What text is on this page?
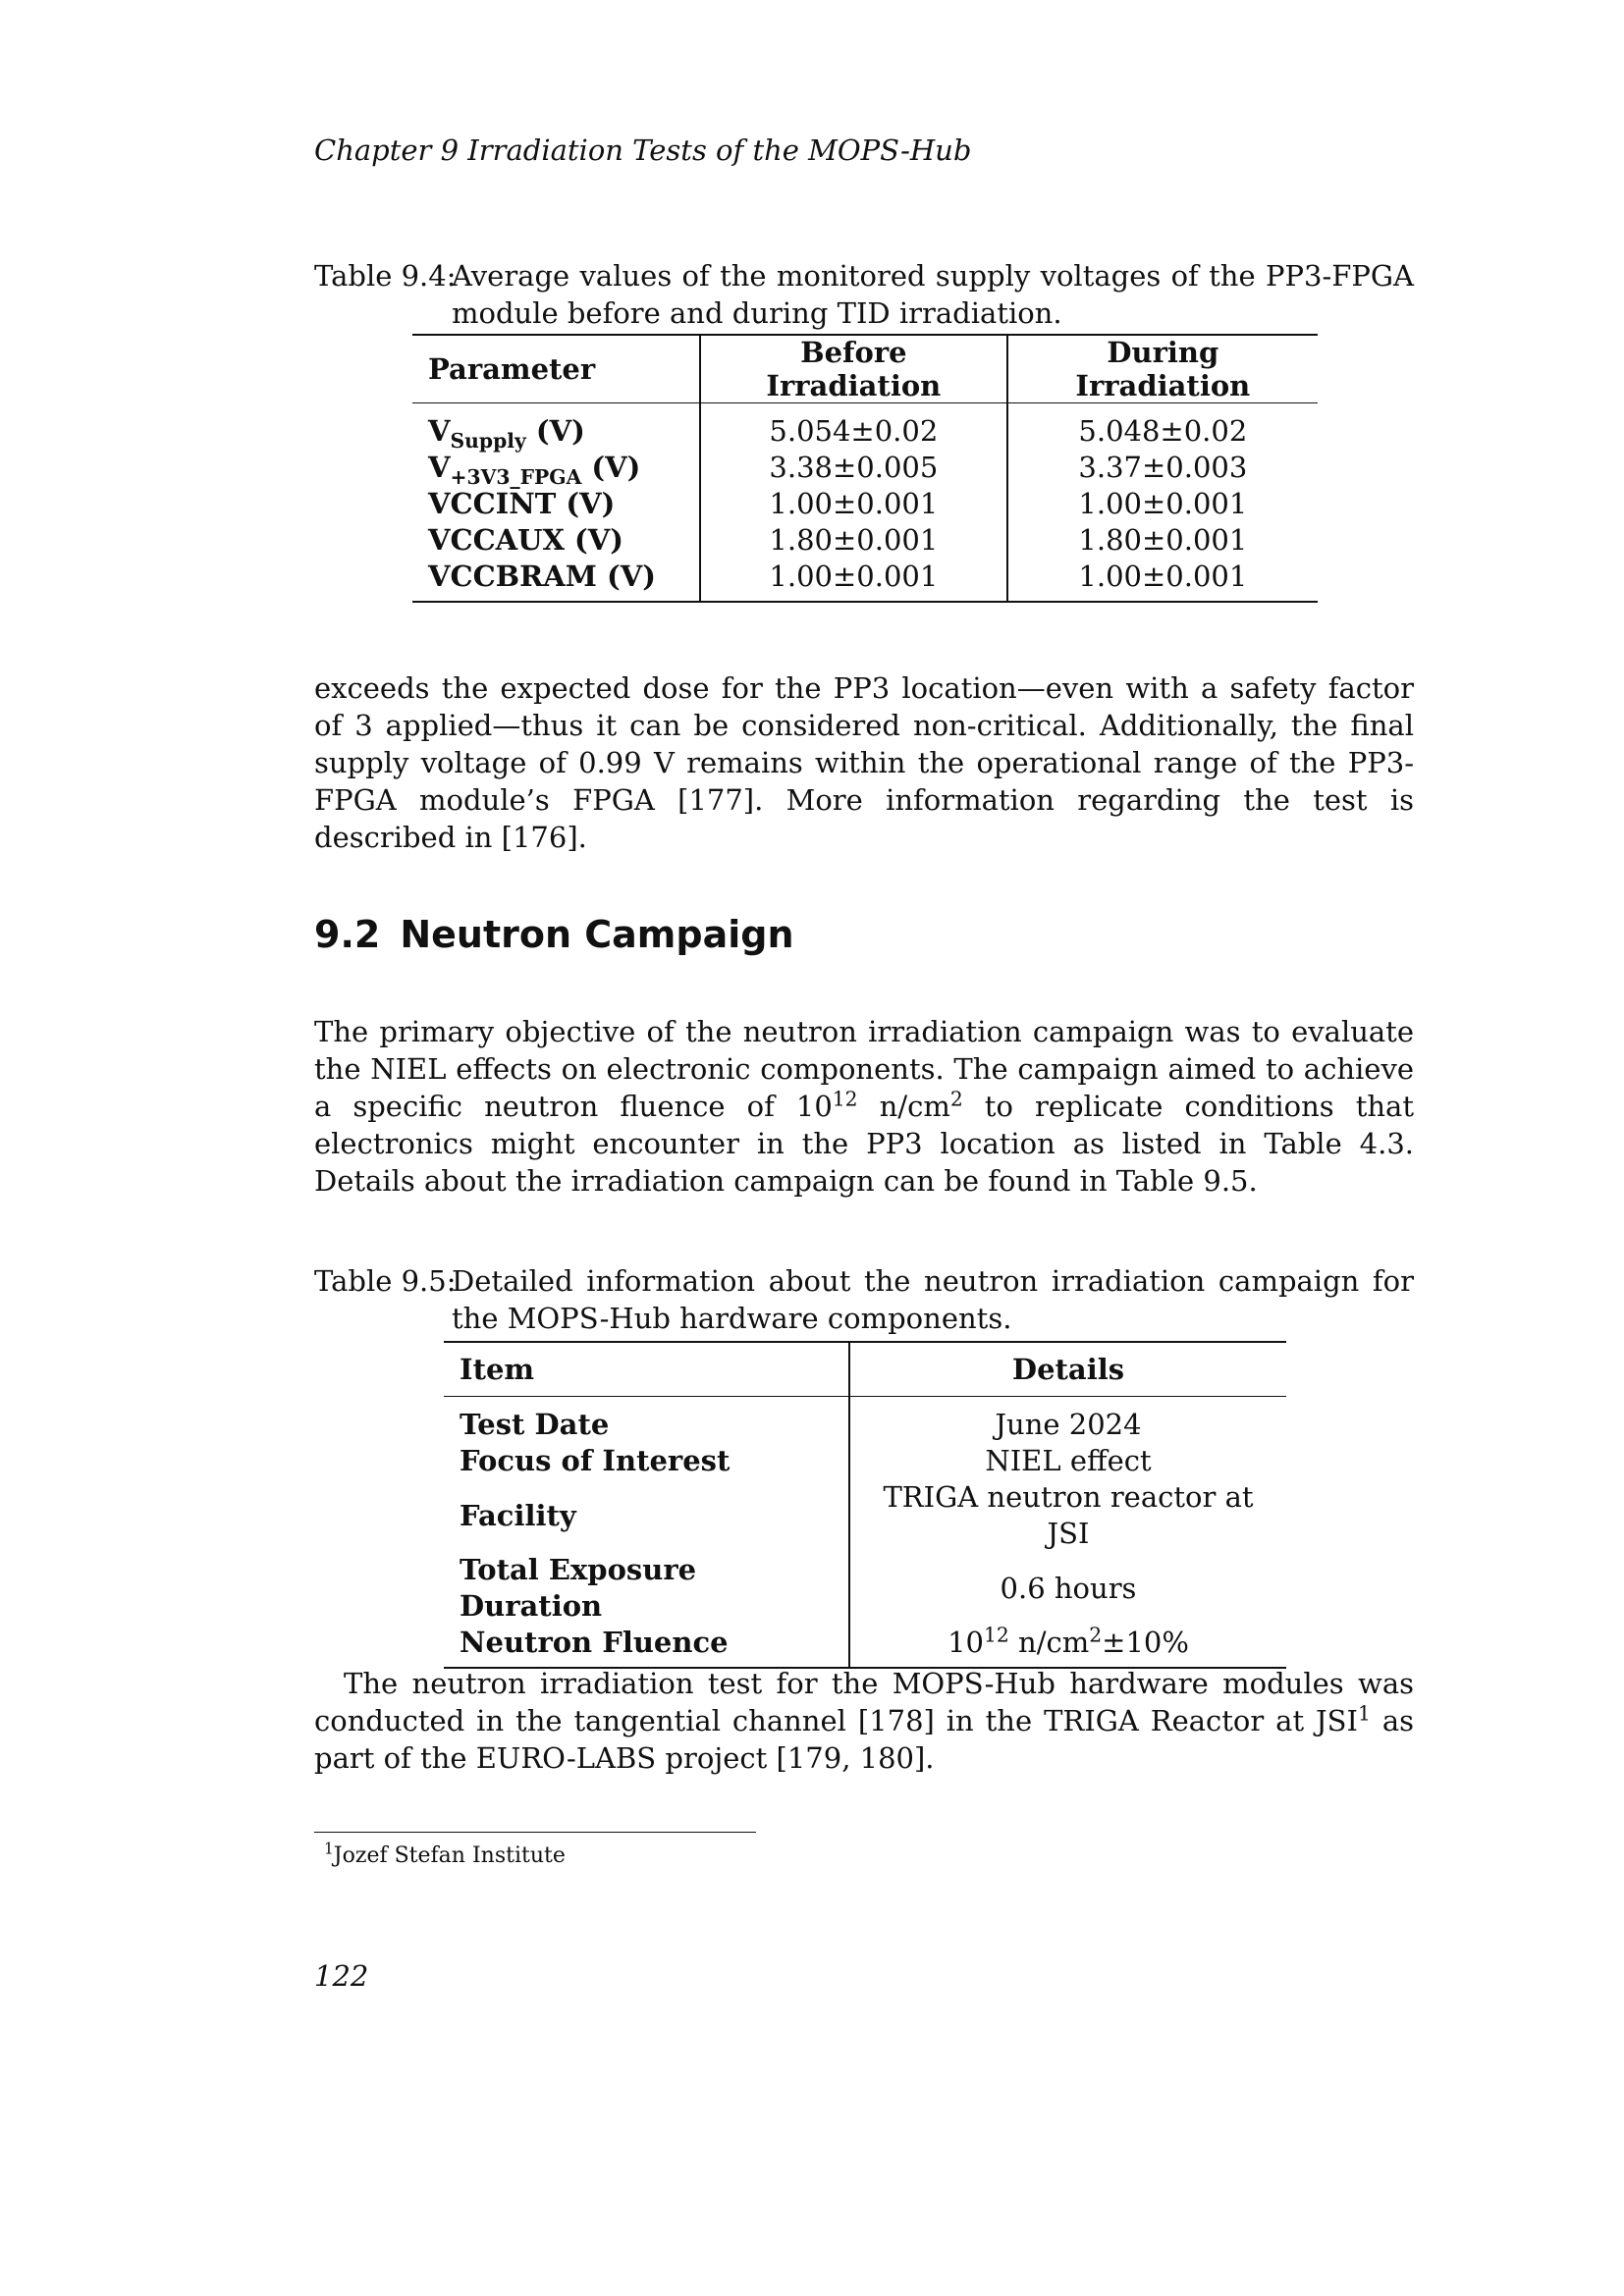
Chapter 9 Irradiation Tests of the MOPS-Hub
Table 9.4:
Average values of the monitored supply voltages of the PP3-FPGA module before and during TID irradiation.
Parameter	Before Irradiation	During Irradiation
$V_{Supply}$ (V)	5.054±0.02	5.048±0.02
$V_{+3V3\_FPGA}$ (V)	3.38±0.005	3.37±0.003
VCCINT (V)	1.00±0.001	1.00±0.001
VCCAUX (V)	1.80±0.001	1.80±0.001
VCCBRAM (V)	1.00±0.001	1.00±0.001

exceeds the expected dose for the PP3 location—even with a safety factor of 3 applied—thus it can be considered non-critical. Additionally, the final supply voltage of 0.99 V remains within the operational range of the PP3-FPGA module’s FPGA [177]. More information regarding the test is described in [176].

9.2 Neutron Campaign

The primary objective of the neutron irradiation campaign was to evaluate the NIEL effects on electronic components. The campaign aimed to achieve a specific neutron fluence of $10^{12}$ $n/cm^2$ to replicate conditions that electronics might encounter in the PP3 location as listed in Table 4.3. Details about the irradiation campaign can be found in Table 9.5.

Table 9.5:
Detailed information about the neutron irradiation campaign for the MOPS-Hub hardware components.
Item	Details
Test Date	June 2024
Focus of Interest	NIEL effect
Facility	TRIGA neutron reactor at JSI
Total Exposure Duration	0.6 hours
Neutron Fluence	$10^{12}$ $n/cm^2\pm 10\%$

The neutron irradiation test for the MOPS-Hub hardware modules was conducted in the tangential channel [178] in the TRIGA Reactor at JSI$^1$ as part of the EURO-LABS project [179, 180].

$^1$Jozef Stefan Institute
122
